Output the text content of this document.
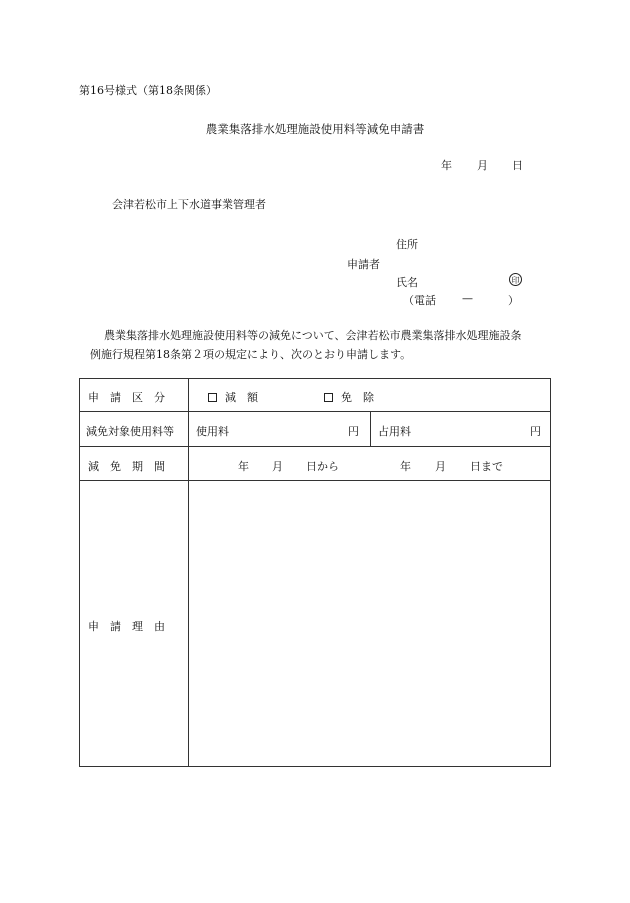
第16号様式（第18条関係）
農業集落排水処理施設使用料等減免申請書
年 月 日
会津若松市上下水道事業管理者
住所
申請者
氏名	印
（電話 —	）

農業集落排水処理施設使用料等の減免について、会津若松市農業集落排水処理施設条

例施行規程第18条第２項の規定により、次のとおり申請します。

申　請　区　分	減　額	免　除
減免対象使用料等 使用料	円 占用料	円
減　免　期　間	年 月 日から	年 月 日まで
申　請　理　由
